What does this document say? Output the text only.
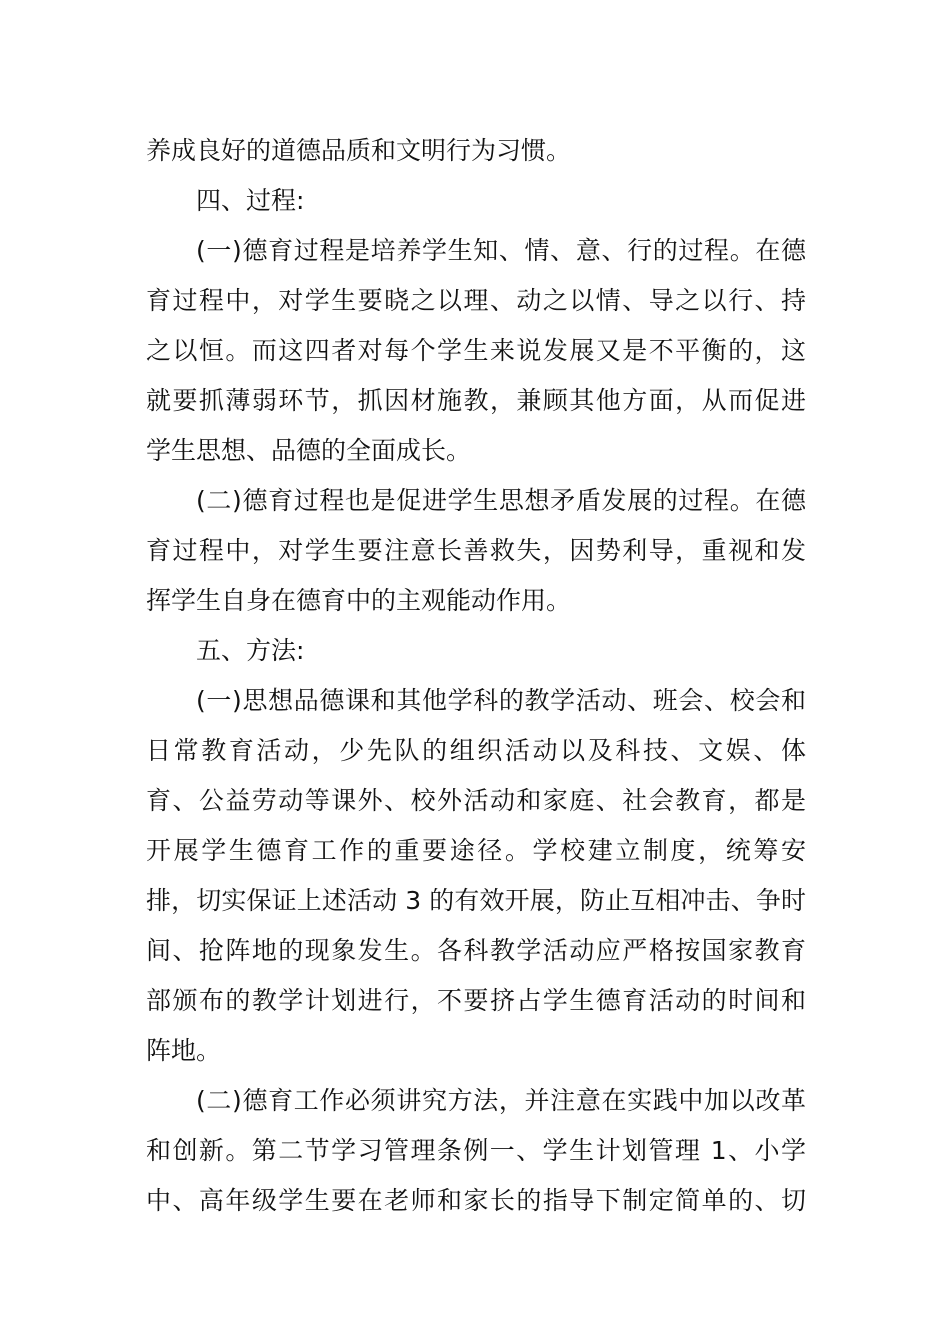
养成良好的道德品质和文明行为习惯。
四、过程:
(一)德育过程是培养学生知、情、意、行的过程。在德
育过程中，对学生要晓之以理、动之以情、导之以行、持
之以恒。而这四者对每个学生来说发展又是不平衡的，这
就要抓薄弱环节，抓因材施教，兼顾其他方面，从而促进
学生思想、品德的全面成长。
(二)德育过程也是促进学生思想矛盾发展的过程。在德
育过程中，对学生要注意长善救失，因势利导，重视和发
挥学生自身在德育中的主观能动作用。
五、方法:
(一)思想品德课和其他学科的教学活动、班会、校会和
日常教育活动，少先队的组织活动以及科技、文娱、体
育、公益劳动等课外、校外活动和家庭、社会教育，都是
开展学生德育工作的重要途径。学校建立制度，统筹安
排，切实保证上述活动 3 的有效开展，防止互相冲击、争时
间、抢阵地的现象发生。各科教学活动应严格按国家教育
部颁布的教学计划进行，不要挤占学生德育活动的时间和
阵地。
(二)德育工作必须讲究方法，并注意在实践中加以改革
和创新。第二节学习管理条例一、学生计划管理 1、小学
中、高年级学生要在老师和家长的指导下制定简单的、切
